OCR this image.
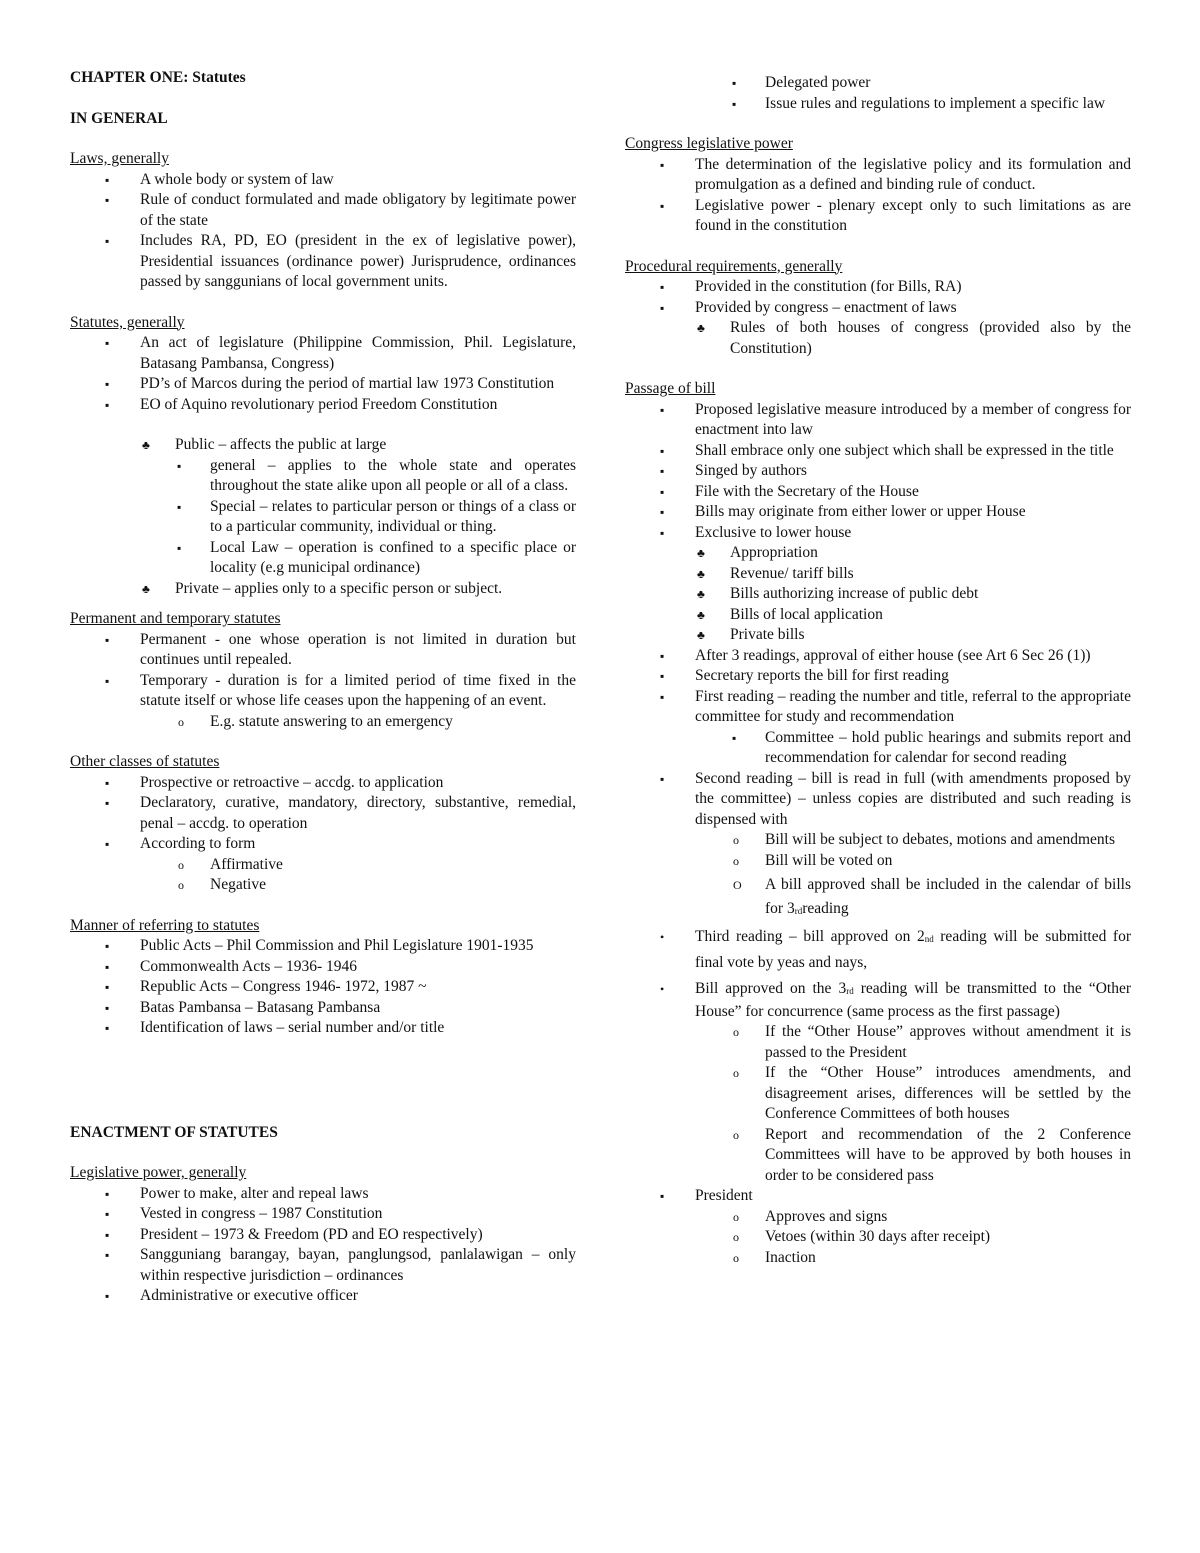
CHAPTER ONE: Statutes

IN GENERAL

Laws, generally

▪ A whole body or system of law
▪ Rule of conduct formulated and made obligatory by legitimate power of the state
▪ Includes RA, PD, EO (president in the ex of legislative power), Presidential issuances (ordinance power) Jurisprudence, ordinances passed by sanggunians of local government units.

Statutes, generally

▪ An act of legislature (Philippine Commission, Phil. Legislature, Batasang Pambansa, Congress)
▪ PD’s of Marcos during the period of martial law 1973 Constitution
▪ EO of Aquino revolutionary period Freedom Constitution
♣ Public – affects the public at large
▪ general – applies to the whole state and operates throughout the state alike upon all people or all of a class.
▪ Special – relates to particular person or things of a class or to a particular community, individual or thing.
▪ Local Law – operation is confined to a specific place or locality (e.g municipal ordinance)
♣ Private – applies only to a specific person or subject.

Permanent and temporary statutes

▪ Permanent - one whose operation is not limited in duration but continues until repealed.
▪ Temporary - duration is for a limited period of time fixed in the statute itself or whose life ceases upon the happening of an event.
o E.g. statute answering to an emergency

Other classes of statutes

▪ Prospective or retroactive – accdg. to application
▪ Declaratory, curative, mandatory, directory, substantive, remedial, penal – accdg. to operation
▪ According to form
o Affirmative
o Negative

Manner of referring to statutes

▪ Public Acts – Phil Commission and Phil Legislature 1901-1935
▪ Commonwealth Acts – 1936- 1946
▪ Republic Acts – Congress 1946- 1972, 1987 ~
▪ Batas Pambansa – Batasang Pambansa
▪ Identification of laws – serial number and/or title

ENACTMENT OF STATUTES

Legislative power, generally

▪ Power to make, alter and repeal laws
▪ Vested in congress – 1987 Constitution
▪ President – 1973 & Freedom (PD and EO respectively)
▪ Sangguniang barangay, bayan, panglungsod, panlalawigan – only within respective jurisdiction – ordinances
▪ Administrative or executive officer
▪ Delegated power
▪ Issue rules and regulations to implement a specific law

Congress legislative power

▪ The determination of the legislative policy and its formulation and promulgation as a defined and binding rule of conduct.
▪ Legislative power - plenary except only to such limitations as are found in the constitution

Procedural requirements, generally

▪ Provided in the constitution (for Bills, RA)
▪ Provided by congress – enactment of laws
♣ Rules of both houses of congress (provided also by the Constitution)

Passage of bill

▪ Proposed legislative measure introduced by a member of congress for enactment into law
▪ Shall embrace only one subject which shall be expressed in the title
▪ Singed by authors
▪ File with the Secretary of the House
▪ Bills may originate from either lower or upper House
▪ Exclusive to lower house
♣ Appropriation
♣ Revenue/ tariff bills
♣ Bills authorizing increase of public debt
♣ Bills of local application
♣ Private bills
▪ After 3 readings, approval of either house (see Art 6 Sec 26 (1))
▪ Secretary reports the bill for first reading
▪ First reading – reading the number and title, referral to the appropriate committee for study and recommendation
▪ Committee – hold public hearings and submits report and recommendation for calendar for second reading
▪ Second reading – bill is read in full (with amendments proposed by the committee) – unless copies are distributed and such reading is dispensed with
o Bill will be subject to debates, motions and amendments
o Bill will be voted on
O A bill approved shall be included in the calendar of bills for $3_{rd}reading$
• Third reading – bill approved on $2_{nd}$ reading will be submitted for final vote by yeas and nays,
• Bill approved on the $3_{rd}$ reading will be transmitted to the “Other House” for concurrence (same process as the first passage)
o If the “Other House” approves without amendment it is passed to the President
o If the “Other House” introduces amendments, and disagreement arises, differences will be settled by the Conference Committees of both houses
o Report and recommendation of the 2 Conference Committees will have to be approved by both houses in order to be considered pass
▪ President
o Approves and signs
o Vetoes (within 30 days after receipt)
o Inaction
